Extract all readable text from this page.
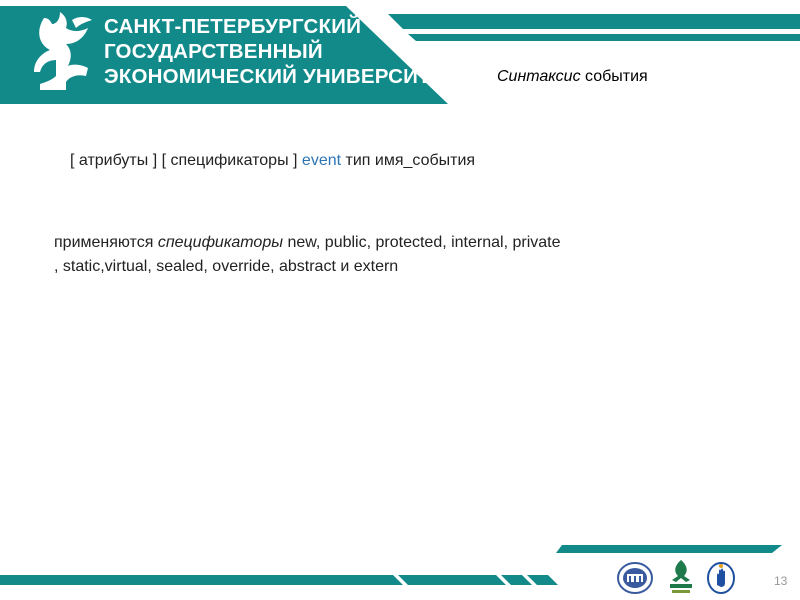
САНКТ-ПЕТЕРБУРГСКИЙ
ГОСУДАРСТВЕННЫЙ
ЭКОНОМИЧЕСКИЙ УНИВЕРСИТЕТ Синтаксис события
[ атрибуты ] [ спецификаторы ] event тип имя_события
применяются спецификаторы new, public, protected, internal, private
, static,virtual, sealed, override, abstract и extern
13
